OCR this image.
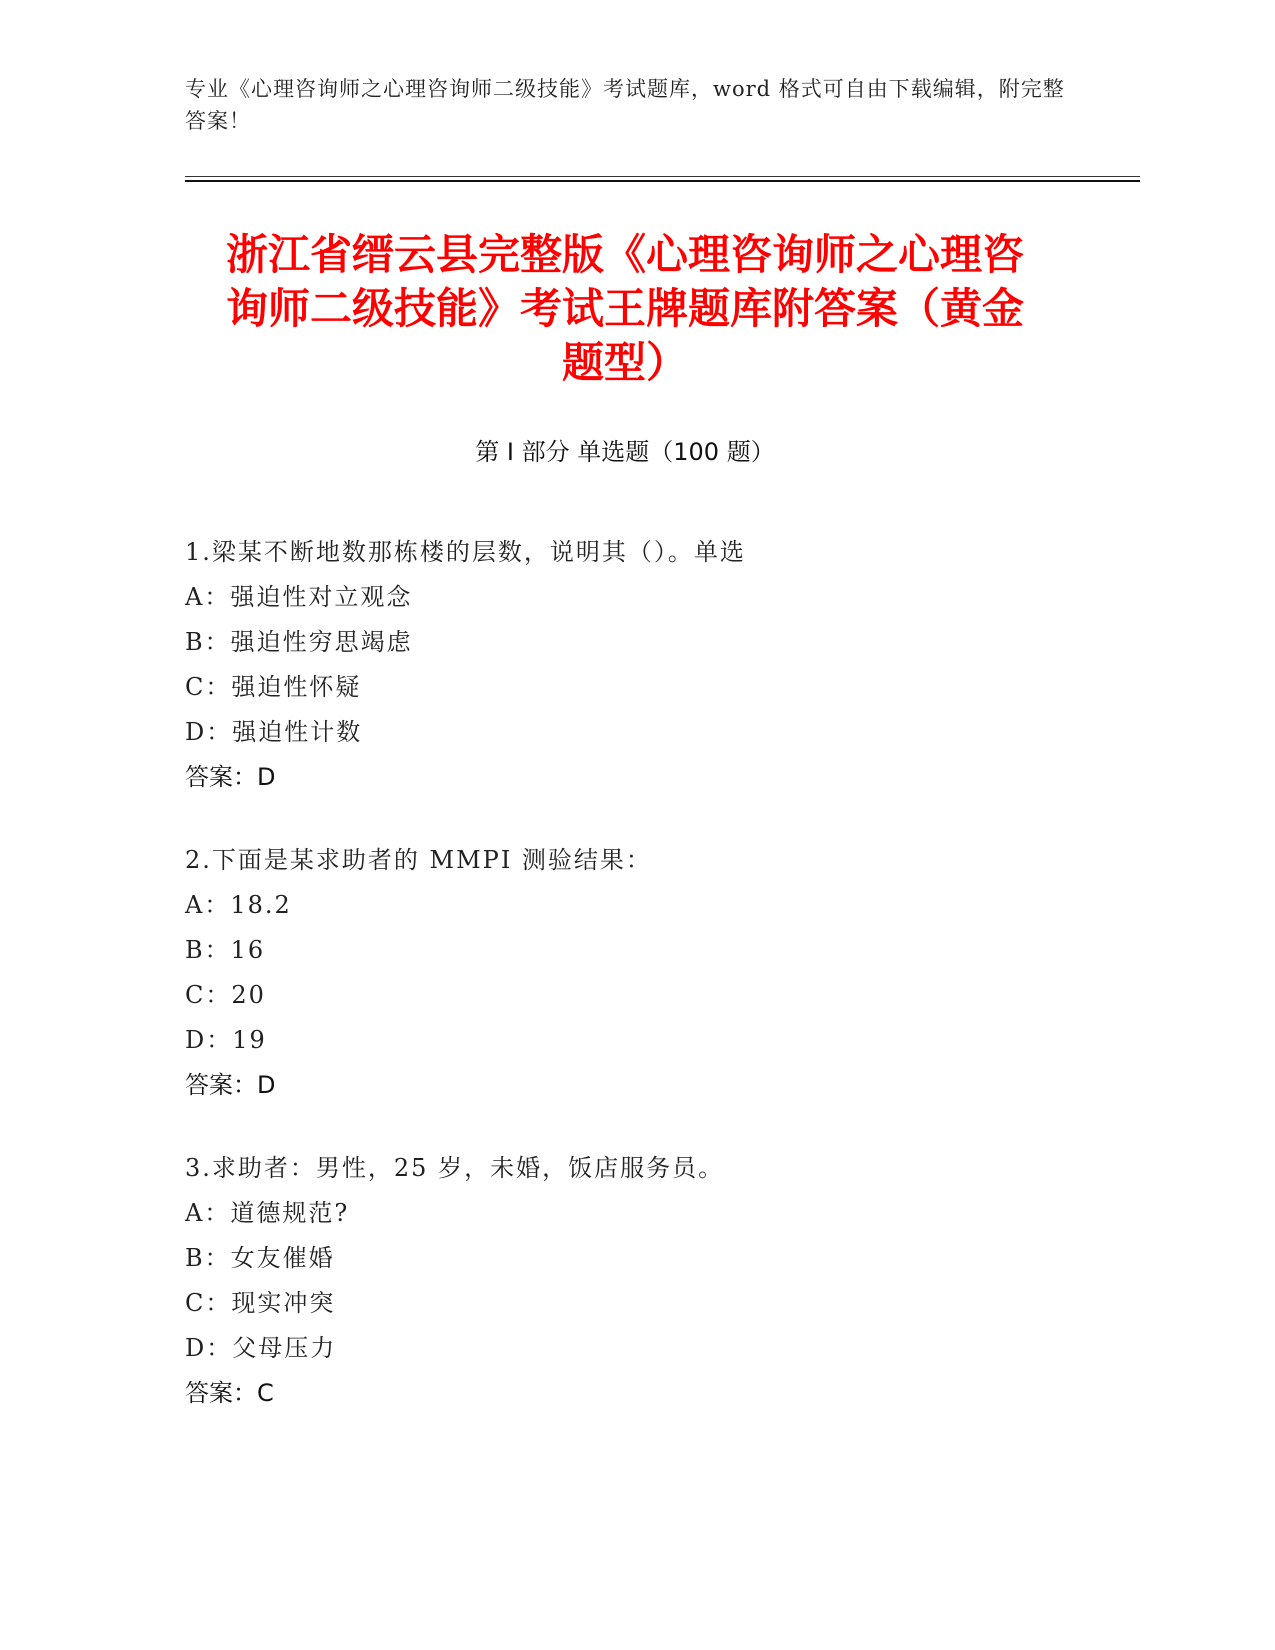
专业《心理咨询师之心理咨询师二级技能》考试题库，word 格式可自由下载编辑，附完整答案！
浙江省缙云县完整版《心理咨询师之心理咨
询师二级技能》考试王牌题库附答案（黄金
题型）
第 I 部分 单选题（100 题）
1.梁某不断地数那栋楼的层数，说明其（）。单选
A：强迫性对立观念
B：强迫性穷思竭虑
C：强迫性怀疑
D：强迫性计数
答案：D
2.下面是某求助者的 MMPI 测验结果：
A：18.2
B：16
C：20
D：19
答案：D
3.求助者：男性，25 岁，未婚，饭店服务员。
A：道德规范?
B：女友催婚
C：现实冲突
D：父母压力
答案：C
